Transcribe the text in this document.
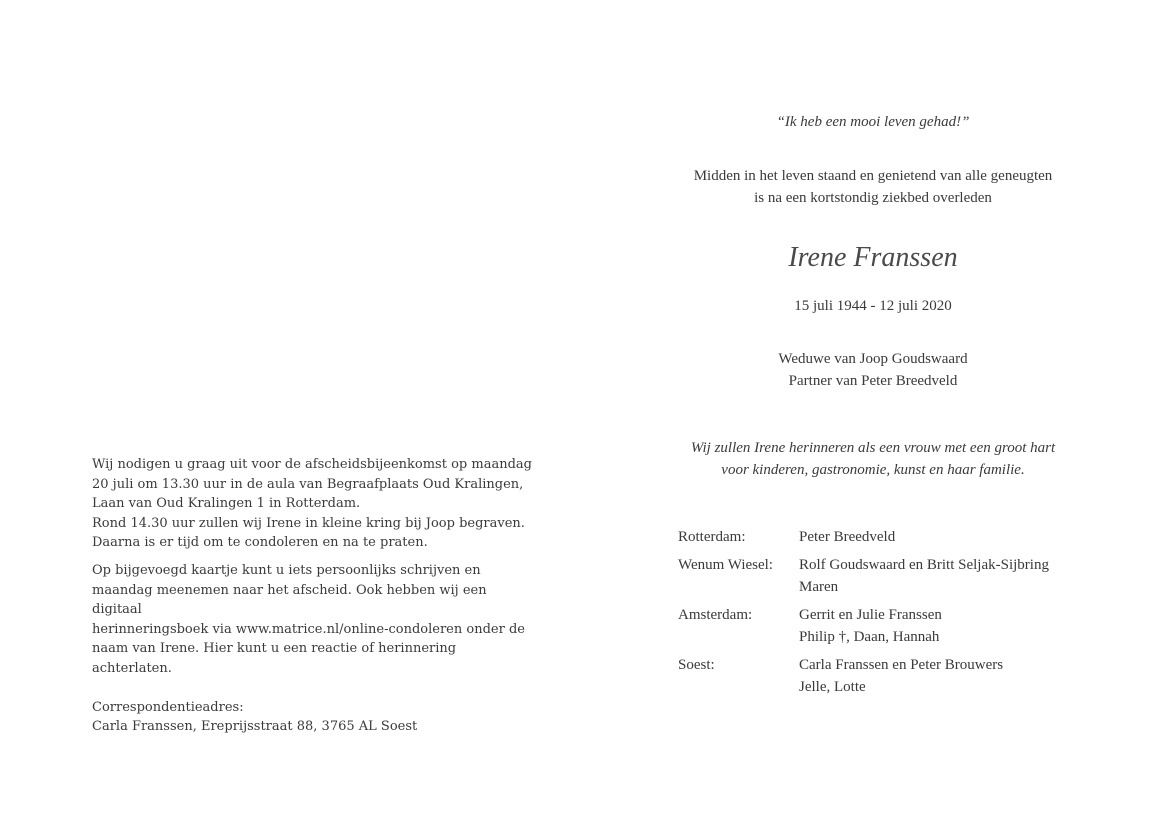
Wij nodigen u graag uit voor de afscheidsbijeenkomst op maandag

20 juli om 13.30 uur in de aula van Begraafplaats Oud Kralingen,

Laan van Oud Kralingen 1 in Rotterdam.

Rond 14.30 uur zullen wij Irene in kleine kring bij Joop begraven.

Daarna is er tijd om te condoleren en na te praten.

Op bijgevoegd kaartje kunt u iets persoonlijks schrijven en

maandag meenemen naar het afscheid. Ook hebben wij een digitaal

herinneringsboek via www.matrice.nl/online-condoleren onder de

naam van Irene. Hier kunt u een reactie of herinnering achterlaten.

Correspondentieadres:

Carla Franssen, Ereprijsstraat 88, 3765 AL Soest

“Ik heb een mooi leven gehad!”
Midden in het leven staand en genietend van alle geneugten
is na een kortstondig ziekbed overleden
Irene Franssen
15 juli 1944 - 12 juli 2020
Weduwe van Joop Goudswaard
Partner van Peter Breedveld
Wij zullen Irene herinneren als een vrouw met een groot hart
voor kinderen, gastronomie, kunst en haar familie.
Rotterdam:	Peter Breedveld
Wenum Wiesel:	Rolf Goudswaard en Britt Seljak-Sijbring
Maren
Amsterdam:	Gerrit en Julie Franssen
Philip †, Daan, Hannah
Soest:	Carla Franssen en Peter Brouwers
Jelle, Lotte
